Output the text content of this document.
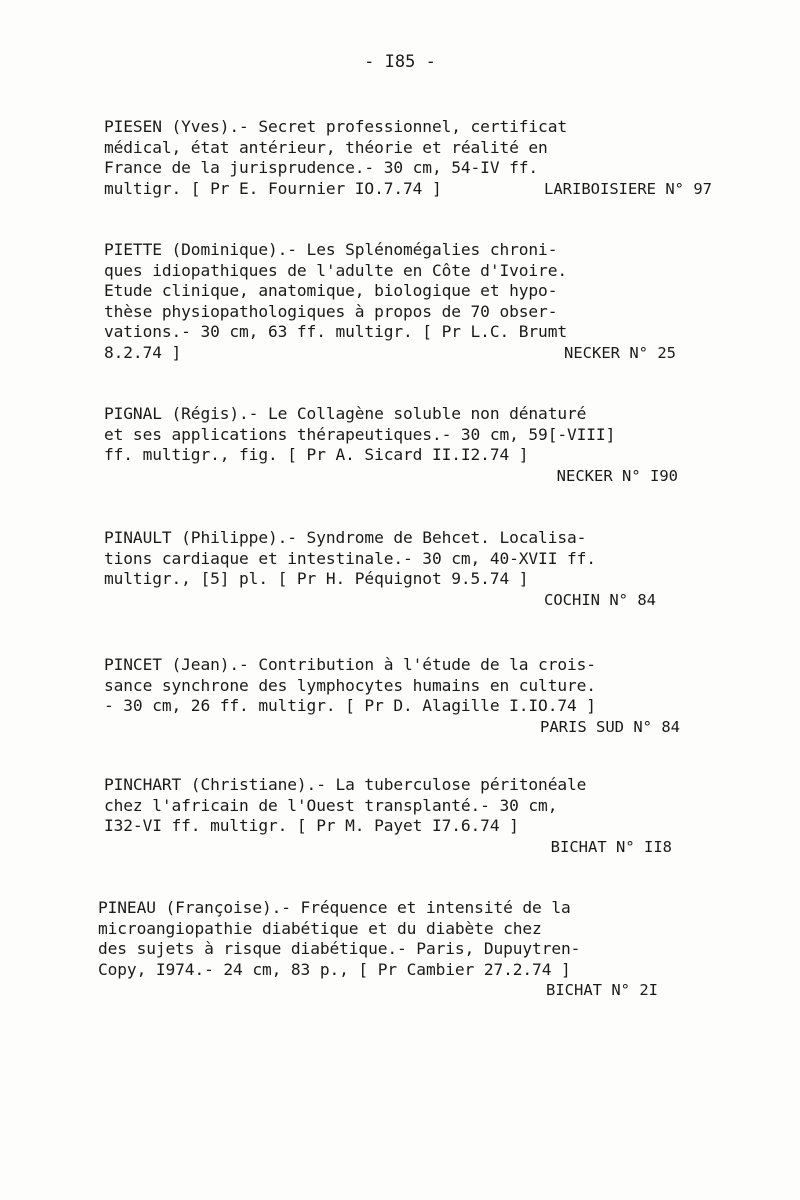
- I85 -
PIESEN (Yves).- Secret professionnel, certificat
médical, état antérieur, théorie et réalité en
France de la jurisprudence.- 30 cm, 54-IV ff.
multigr. [ Pr E. Fournier IO.7.74 ]	LARIBOISIERE N° 97
PIETTE (Dominique).- Les Splénomégalies chroni-
ques idiopathiques de l'adulte en Côte d'Ivoire.
Etude clinique, anatomique, biologique et hypo-
thèse physiopathologiques à propos de 70 obser-
vations.- 30 cm, 63 ff. multigr. [ Pr L.C. Brumt
8.2.74 ]	NECKER N° 25
PIGNAL (Régis).- Le Collagène soluble non dénaturé
et ses applications thérapeutiques.- 30 cm, 59[-VIII]
ff. multigr., fig. [ Pr A. Sicard II.I2.74 ]
NECKER N° I90
PINAULT (Philippe).- Syndrome de Behcet. Localisa-
tions cardiaque et intestinale.- 30 cm, 40-XVII ff.
multigr., [5] pl. [ Pr H. Péquignot 9.5.74 ]
COCHIN N° 84
PINCET (Jean).- Contribution à l'étude de la crois-
sance synchrone des lymphocytes humains en culture.
- 30 cm, 26 ff. multigr. [ Pr D. Alagille I.IO.74 ]
PARIS SUD N° 84
PINCHART (Christiane).- La tuberculose péritonéale
chez l'africain de l'Ouest transplanté.- 30 cm,
I32-VI ff. multigr. [ Pr M. Payet I7.6.74 ]
BICHAT N° II8
PINEAU (Françoise).- Fréquence et intensité de la
microangiopathie diabétique et du diabète chez
des sujets à risque diabétique.- Paris, Dupuytren-
Copy, I974.- 24 cm, 83 p., [ Pr Cambier 27.2.74 ]
BICHAT N° 2I
